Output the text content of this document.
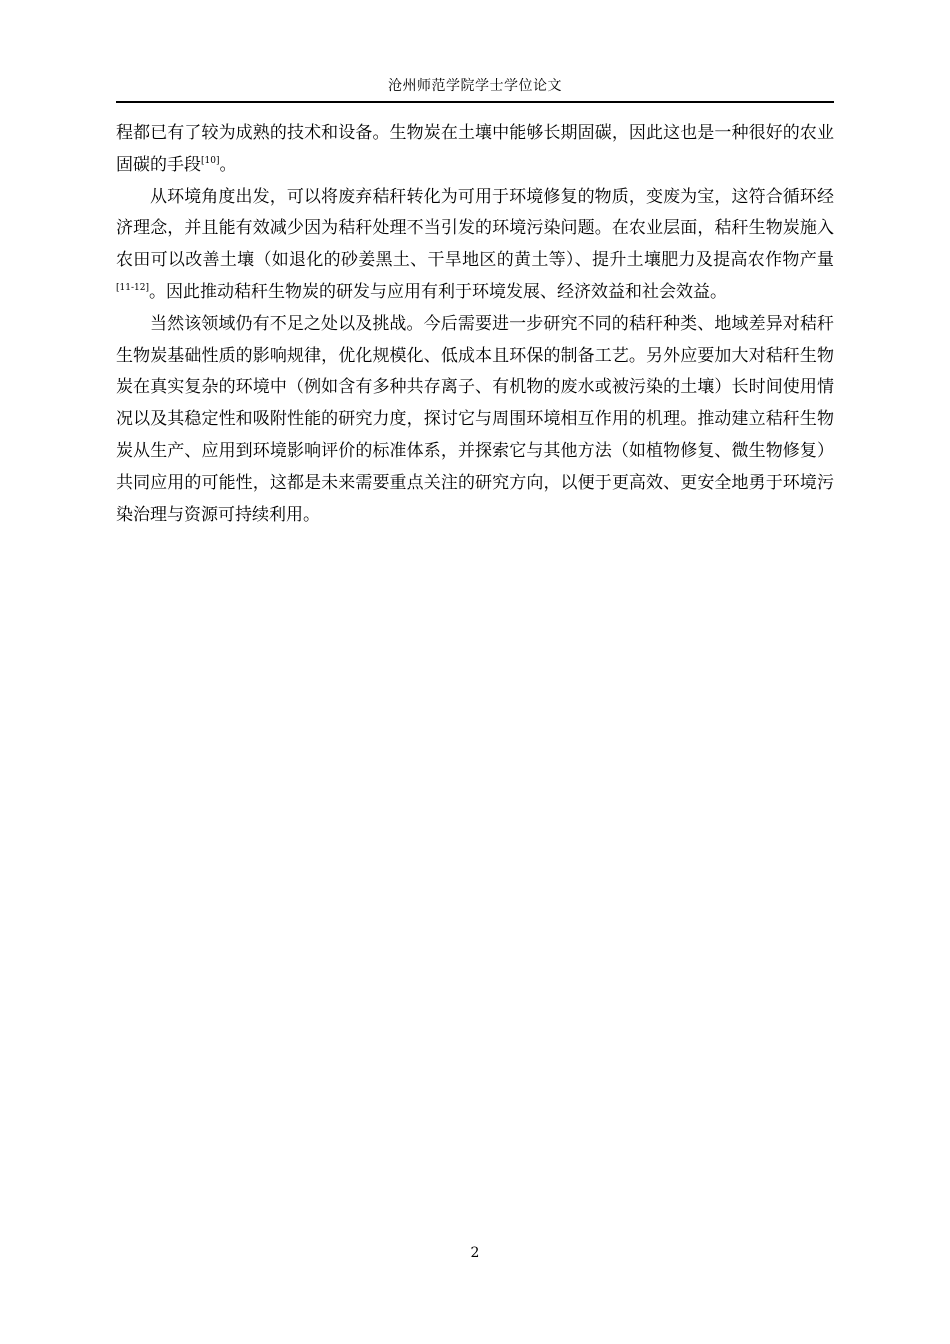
沧州师范学院学士学位论文

程都已有了较为成熟的技术和设备。生物炭在土壤中能够长期固碳，因此这也是一种很好的农业固碳的手段[10]。

从环境角度出发，可以将废弃秸秆转化为可用于环境修复的物质，变废为宝，这符合循环经济理念，并且能有效减少因为秸秆处理不当引发的环境污染问题。在农业层面，秸秆生物炭施入农田可以改善土壤（如退化的砂姜黑土、干旱地区的黄土等）、提升土壤肥力及提高农作物产量[11-12]。因此推动秸秆生物炭的研发与应用有利于环境发展、经济效益和社会效益。

当然该领域仍有不足之处以及挑战。今后需要进一步研究不同的秸秆种类、地域差异对秸秆生物炭基础性质的影响规律，优化规模化、低成本且环保的制备工艺。另外应要加大对秸秆生物炭在真实复杂的环境中（例如含有多种共存离子、有机物的废水或被污染的土壤）长时间使用情况以及其稳定性和吸附性能的研究力度，探讨它与周围环境相互作用的机理。推动建立秸秆生物炭从生产、应用到环境影响评价的标准体系，并探索它与其他方法（如植物修复、微生物修复）共同应用的可能性，这都是未来需要重点关注的研究方向，以便于更高效、更安全地勇于环境污染治理与资源可持续利用。

2
